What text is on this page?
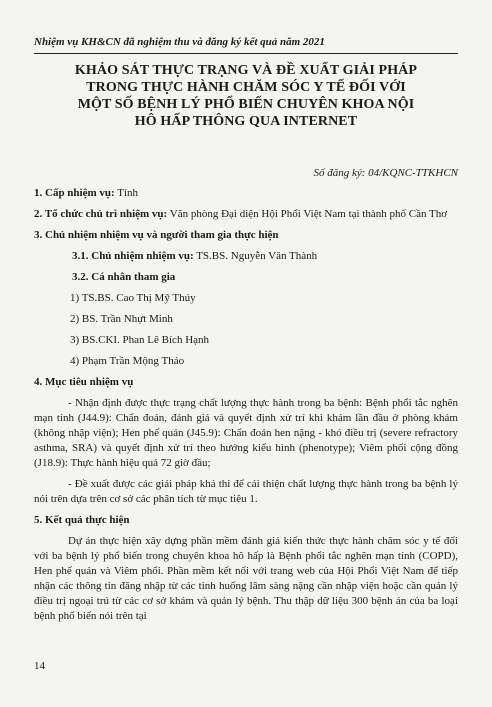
Nhiệm vụ KH&CN đã nghiệm thu và đăng ký kết quả năm 2021
KHẢO SÁT THỰC TRẠNG VÀ ĐỀ XUẤT GIẢI PHÁP
TRONG THỰC HÀNH CHĂM SÓC Y TẾ ĐỐI VỚI
MỘT SỐ BỆNH LÝ PHỔ BIẾN CHUYÊN KHOA NỘI
HÔ HẤP THÔNG QUA INTERNET
Số đăng ký: 04/KQNC-TTKHCN

1. Cấp nhiệm vụ: Tỉnh

2. Tổ chức chủ trì nhiệm vụ: Văn phòng Đại diện Hội Phổi Việt Nam tại thành phố Cần Thơ

3. Chủ nhiệm nhiệm vụ và người tham gia thực hiện

3.1. Chủ nhiệm nhiệm vụ: TS.BS. Nguyễn Văn Thành

3.2. Cá nhân tham gia

1) TS.BS. Cao Thị Mỹ Thúy

2) BS. Trần Nhựt Minh

3) BS.CKI. Phan Lê Bích Hạnh

4) Phạm Trần Mộng Thảo

4. Mục tiêu nhiệm vụ

- Nhận định được thực trạng chất lượng thực hành trong ba bệnh: Bệnh phổi tắc nghẽn mạn tính (J44.9): Chẩn đoán, đánh giá và quyết định xử trí khi khám lần đầu ở phòng khám (không nhập viện); Hen phế quản (J45.9): Chẩn đoán hen nặng - khó điều trị (severe refractory asthma, SRA) và quyết định xử trí theo hướng kiểu hình (phenotype); Viêm phổi cộng đồng (J18.9): Thực hành hiệu quả 72 giờ đầu;

- Đề xuất được các giải pháp khả thi để cải thiện chất lượng thực hành trong ba bệnh lý nói trên dựa trên cơ sở các phân tích từ mục tiêu 1.

5. Kết quả thực hiện

Dự án thực hiện xây dựng phần mềm đánh giá kiến thức thực hành chăm sóc y tế đối với ba bệnh lý phổ biến trong chuyên khoa hô hấp là Bệnh phổi tắc nghẽn mạn tính (COPD), Hen phế quản và Viêm phổi. Phần mềm kết nối với trang web của Hội Phổi Việt Nam để tiếp nhận các thông tin đăng nhập từ các tình huống lâm sàng nặng cần nhập viện hoặc cần quản lý điều trị ngoại trú từ các cơ sở khám và quản lý bệnh. Thu thập dữ liệu 300 bệnh án của ba loại bệnh phổ biến nói trên tại

14
